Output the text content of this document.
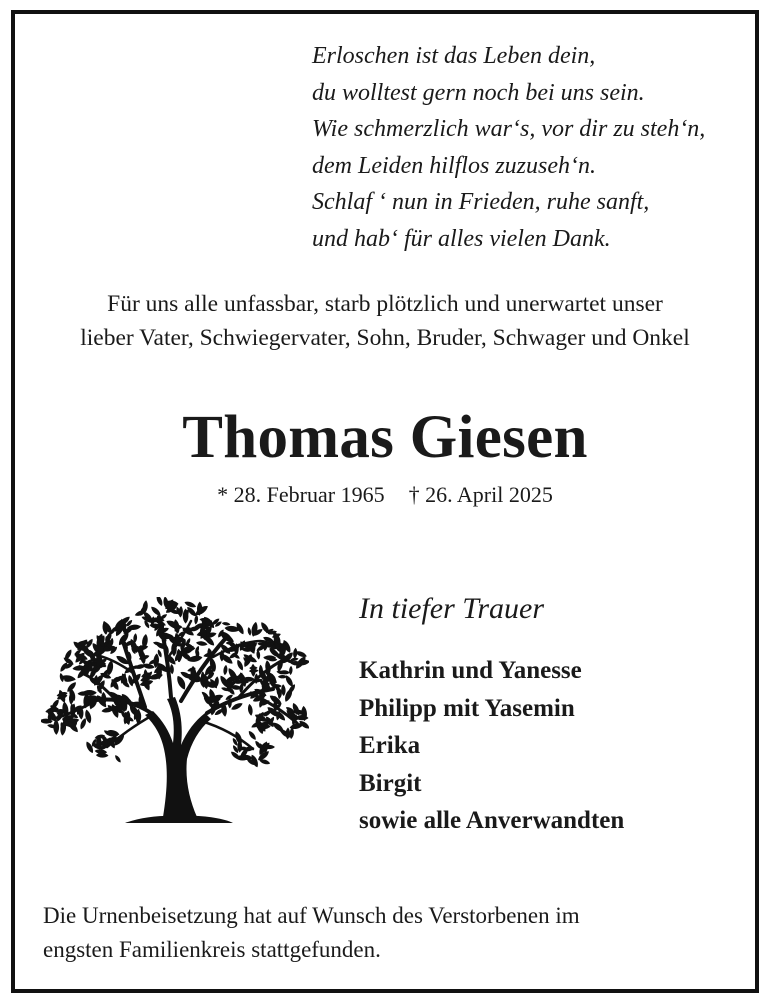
Erloschen ist das Leben dein,
du wolltest gern noch bei uns sein.
Wie schmerzlich war‘s, vor dir zu steh‘n,
dem Leiden hilflos zuzuseh‘n.
Schlaf ‘ nun in Frieden, ruhe sanft,
und hab‘ für alles vielen Dank.
Für uns alle unfassbar, starb plötzlich und unerwartet unser
lieber Vater, Schwiegervater, Sohn, Bruder, Schwager und Onkel
Thomas Giesen
* 28. Februar 1965 † 26. April 2025
In tiefer Trauer
Kathrin und Yanesse
Philipp mit Yasemin
Erika
Birgit
sowie alle Anverwandten
Die Urnenbeisetzung hat auf Wunsch des Verstorbenen im
engsten Familienkreis stattgefunden.
